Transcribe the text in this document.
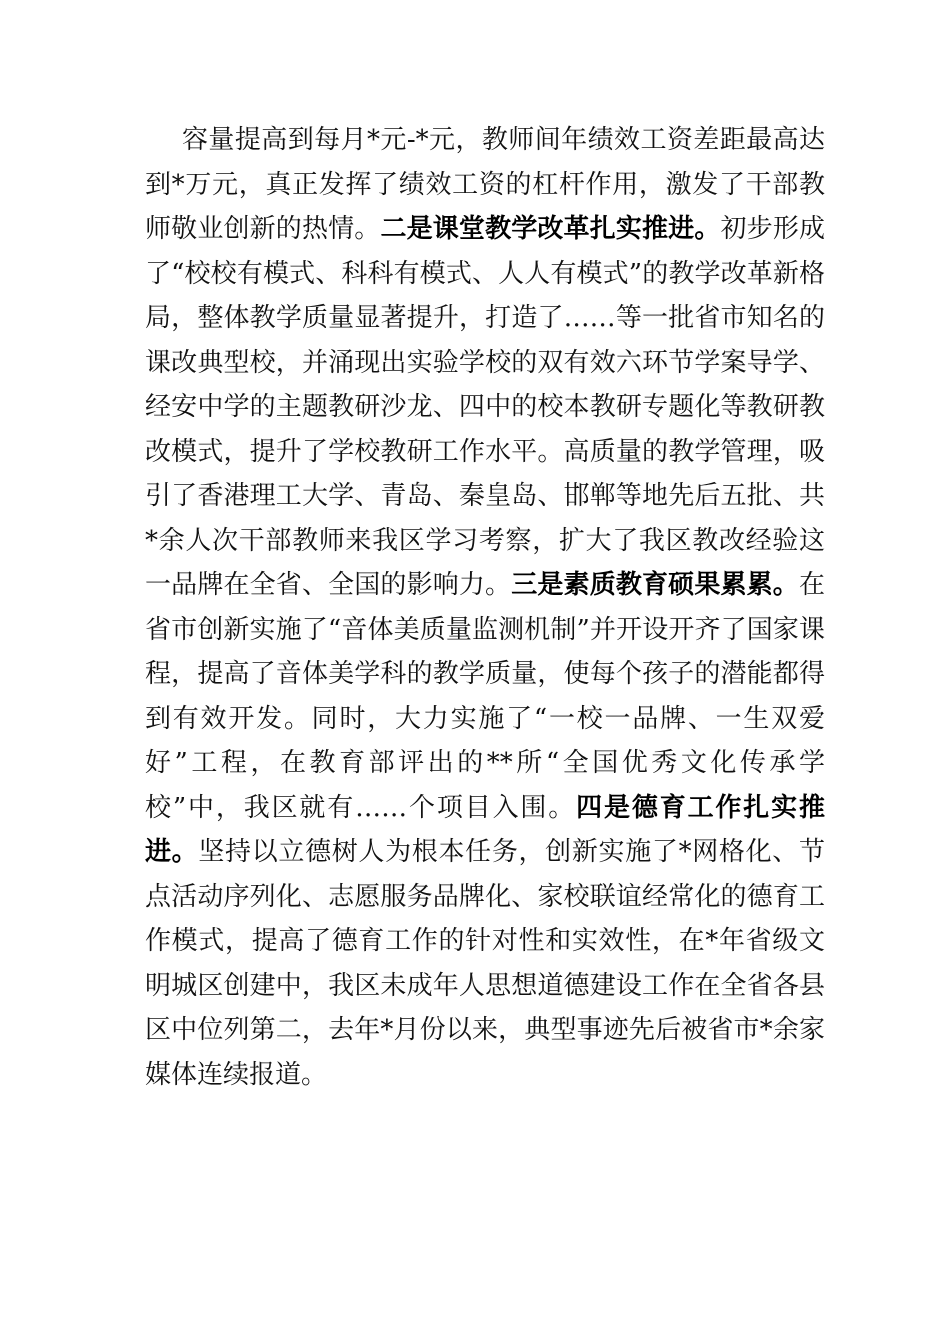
容量提高到每月*元-*元，教师间年绩效工资差距最高达到*万元，真正发挥了绩效工资的杠杆作用，激发了干部教师敬业创新的热情。二是课堂教学改革扎实推进。初步形成了“校校有模式、科科有模式、人人有模式”的教学改革新格局，整体教学质量显著提升，打造了……等一批省市知名的课改典型校，并涌现出实验学校的双有效六环节学案导学、经安中学的主题教研沙龙、四中的校本教研专题化等教研教改模式，提升了学校教研工作水平。高质量的教学管理，吸引了香港理工大学、青岛、秦皇岛、邯郸等地先后五批、共*余人次干部教师来我区学习考察，扩大了我区教改经验这一品牌在全省、全国的影响力。三是素质教育硕果累累。在省市创新实施了“音体美质量监测机制”并开设开齐了国家课程，提高了音体美学科的教学质量，使每个孩子的潜能都得到有效开发。同时，大力实施了“一校一品牌、一生双爱好”工程，在教育部评出的**所“全国优秀文化传承学校”中，我区就有……个项目入围。四是德育工作扎实推进。坚持以立德树人为根本任务，创新实施了*网格化、节点活动序列化、志愿服务品牌化、家校联谊经常化的德育工作模式，提高了德育工作的针对性和实效性，在*年省级文明城区创建中，我区未成年人思想道德建设工作在全省各县区中位列第二，去年*月份以来，典型事迹先后被省市*余家媒体连续报道。
